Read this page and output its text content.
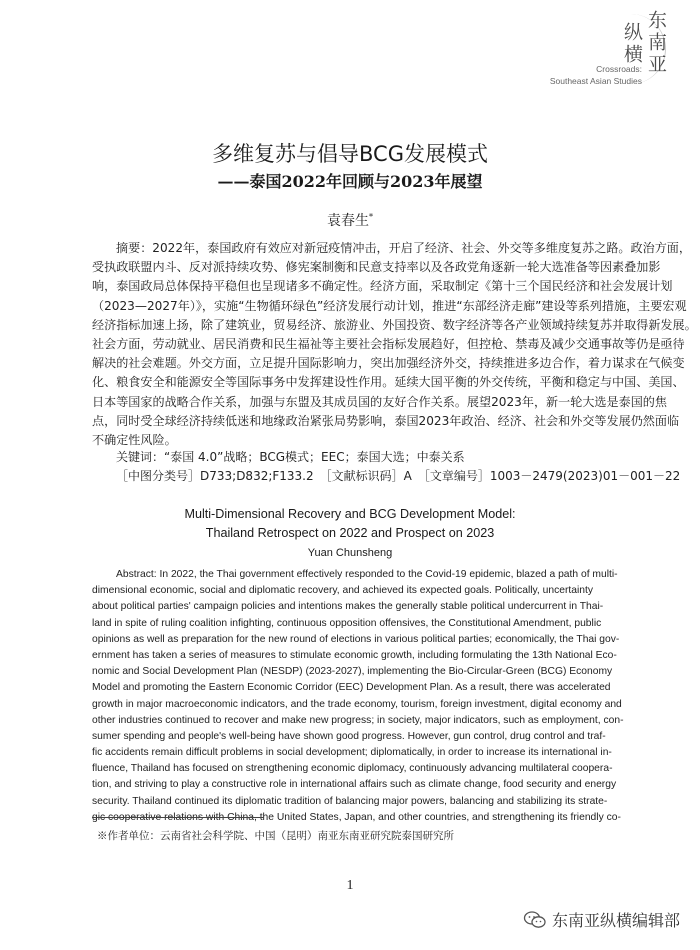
东南亚
纵横
Crossroads:
Southeast Asian Studies
多维复苏与倡导BCG发展模式
——泰国2022年回顾与2023年展望
袁春生*
摘要：2022年，泰国政府有效应对新冠疫情冲击，开启了经济、社会、外交等多维度复苏之路。政治方面，
受执政联盟内斗、反对派持续攻势、修宪案制衡和民意支持率以及各政党角逐新一轮大选准备等因素叠加影
响，泰国政局总体保持平稳但也呈现诸多不确定性。经济方面，采取制定《第十三个国民经济和社会发展计划
（2023—2027年）》，实施“生物循环绿色”经济发展行动计划，推进“东部经济走廊”建设等系列措施，主要宏观
经济指标加速上扬，除了建筑业，贸易经济、旅游业、外国投资、数字经济等各产业领域持续复苏并取得新发展。
社会方面，劳动就业、居民消费和民生福祉等主要社会指标发展趋好，但控枪、禁毒及减少交通事故等仍是亟待
解决的社会难题。外交方面，立足提升国际影响力，突出加强经济外交，持续推进多边合作，着力谋求在气候变
化、粮食安全和能源安全等国际事务中发挥建设性作用。延续大国平衡的外交传统，平衡和稳定与中国、美国、
日本等国家的战略合作关系，加强与东盟及其成员国的友好合作关系。展望2023年，新一轮大选是泰国的焦
点，同时受全球经济持续低迷和地缘政治紧张局势影响，泰国2023年政治、经济、社会和外交等发展仍然面临
不确定性风险。
关键词：“泰国 4.0”战略；BCG模式；EEC；泰国大选；中泰关系
［中图分类号］D733;D832;F133.2　［文献标识码］A　［文章编号］1003－2479(2023)01－001－22
Multi-Dimensional Recovery and BCG Development Model:
Thailand Retrospect on 2022 and Prospect on 2023
Yuan Chunsheng
Abstract: In 2022, the Thai government effectively responded to the Covid-19 epidemic, blazed a path of multi-
dimensional economic, social and diplomatic recovery, and achieved its expected goals. Politically, uncertainty
about political parties' campaign policies and intentions makes the generally stable political undercurrent in Thai-
land in spite of ruling coalition infighting, continuous opposition offensives, the Constitutional Amendment, public
opinions as well as preparation for the new round of elections in various political parties; economically, the Thai gov-
ernment has taken a series of measures to stimulate economic growth, including formulating the 13th National Eco-
nomic and Social Development Plan (NESDP) (2023-2027), implementing the Bio-Circular-Green (BCG) Economy
Model and promoting the Eastern Economic Corridor (EEC) Development Plan. As a result, there was accelerated
growth in major macroeconomic indicators, and the trade economy, tourism, foreign investment, digital economy and
other industries continued to recover and make new progress; in society, major indicators, such as employment, con-
sumer spending and people's well-being have shown good progress. However, gun control, drug control and traf-
fic accidents remain difficult problems in social development; diplomatically, in order to increase its international in-
fluence, Thailand has focused on strengthening economic diplomacy, continuously advancing multilateral coopera-
tion, and striving to play a constructive role in international affairs such as climate change, food security and energy
security. Thailand continued its diplomatic tradition of balancing major powers, balancing and stabilizing its strate-
gic cooperative relations with China, the United States, Japan, and other countries, and strengthening its friendly co-
※作者单位：云南省社会科学院、中国（昆明）南亚东南亚研究院泰国研究所
1
东南亚纵横编辑部
